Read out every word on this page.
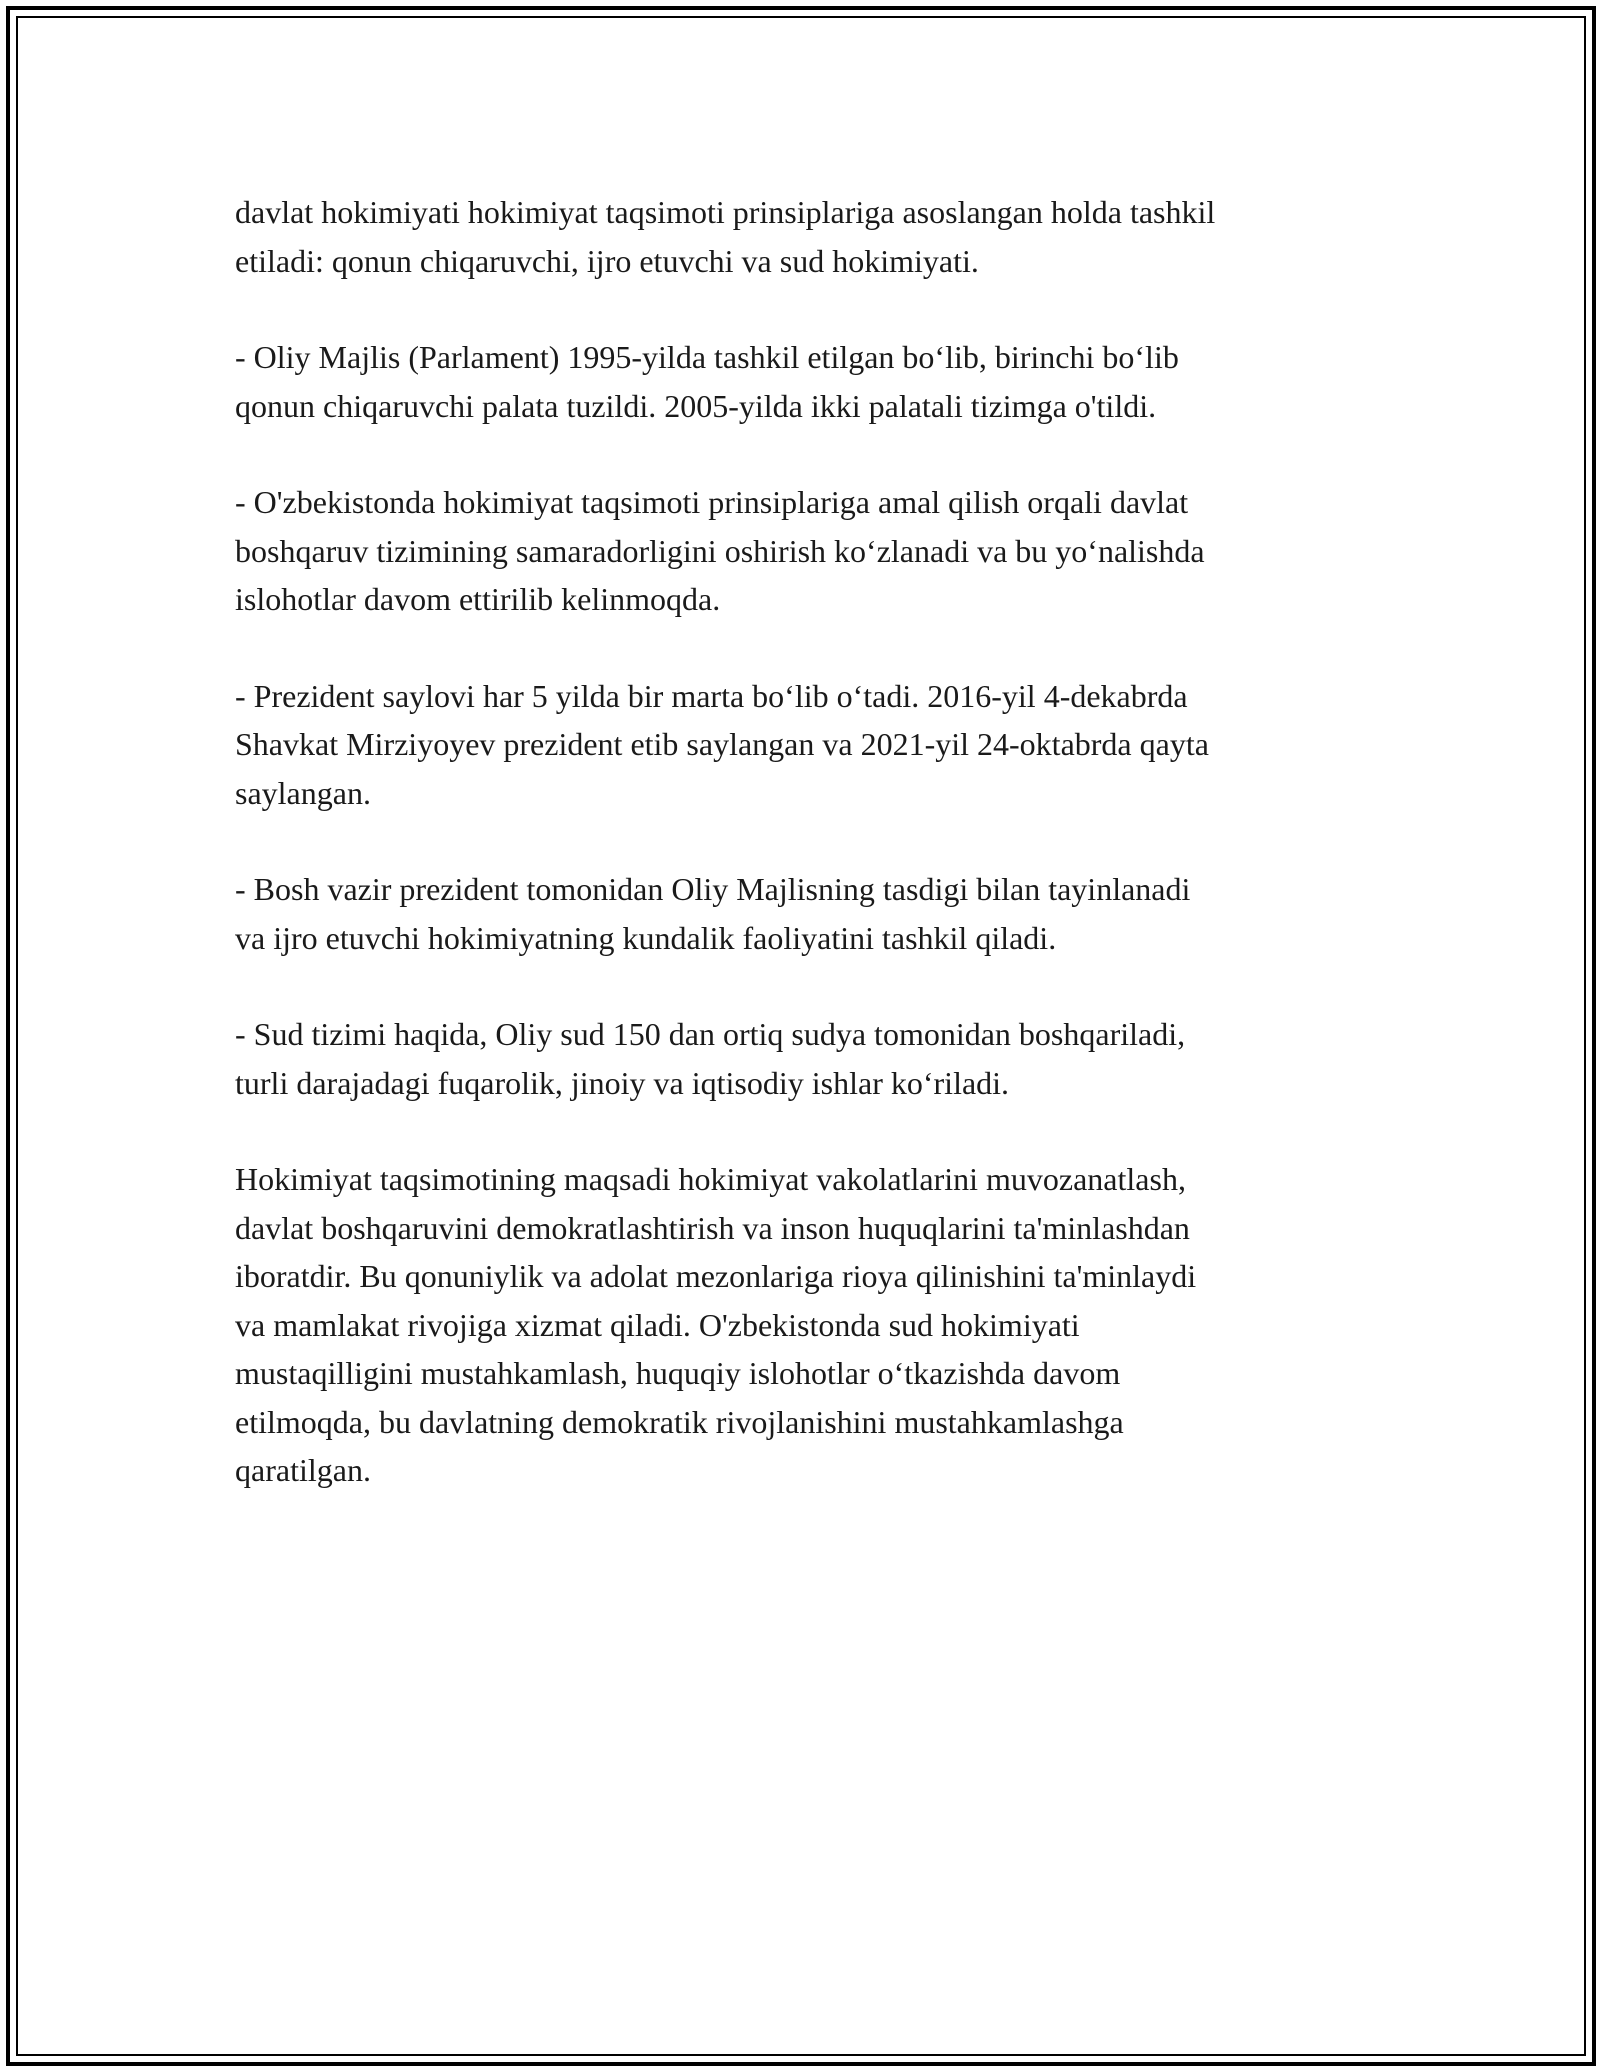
davlat hokimiyati hokimiyat taqsimoti prinsiplariga asoslangan holda tashkil
etiladi: qonun chiqaruvchi, ijro etuvchi va sud hokimiyati.

- Oliy Majlis (Parlament) 1995-yilda tashkil etilgan bo‘lib, birinchi bo‘lib
qonun chiqaruvchi palata tuzildi. 2005-yilda ikki palatali tizimga o'tildi.

- O'zbekistonda hokimiyat taqsimoti prinsiplariga amal qilish orqali davlat
boshqaruv tizimining samaradorligini oshirish ko‘zlanadi va bu yo‘nalishda
islohotlar davom ettirilib kelinmoqda.

- Prezident saylovi har 5 yilda bir marta bo‘lib o‘tadi. 2016-yil 4-dekabrda
Shavkat Mirziyoyev prezident etib saylangan va 2021-yil 24-oktabrda qayta
saylangan.

- Bosh vazir prezident tomonidan Oliy Majlisning tasdigi bilan tayinlanadi
va ijro etuvchi hokimiyatning kundalik faoliyatini tashkil qiladi.

- Sud tizimi haqida, Oliy sud 150 dan ortiq sudya tomonidan boshqariladi,
turli darajadagi fuqarolik, jinoiy va iqtisodiy ishlar ko‘riladi.

Hokimiyat taqsimotining maqsadi hokimiyat vakolatlarini muvozanatlash,
davlat boshqaruvini demokratlashtirish va inson huquqlarini ta'minlashdan
iboratdir. Bu qonuniylik va adolat mezonlariga rioya qilinishini ta'minlaydi
va mamlakat rivojiga xizmat qiladi. O'zbekistonda sud hokimiyati
mustaqilligini mustahkamlash, huquqiy islohotlar o‘tkazishda davom
etilmoqda, bu davlatning demokratik rivojlanishini mustahkamlashga
qaratilgan.
